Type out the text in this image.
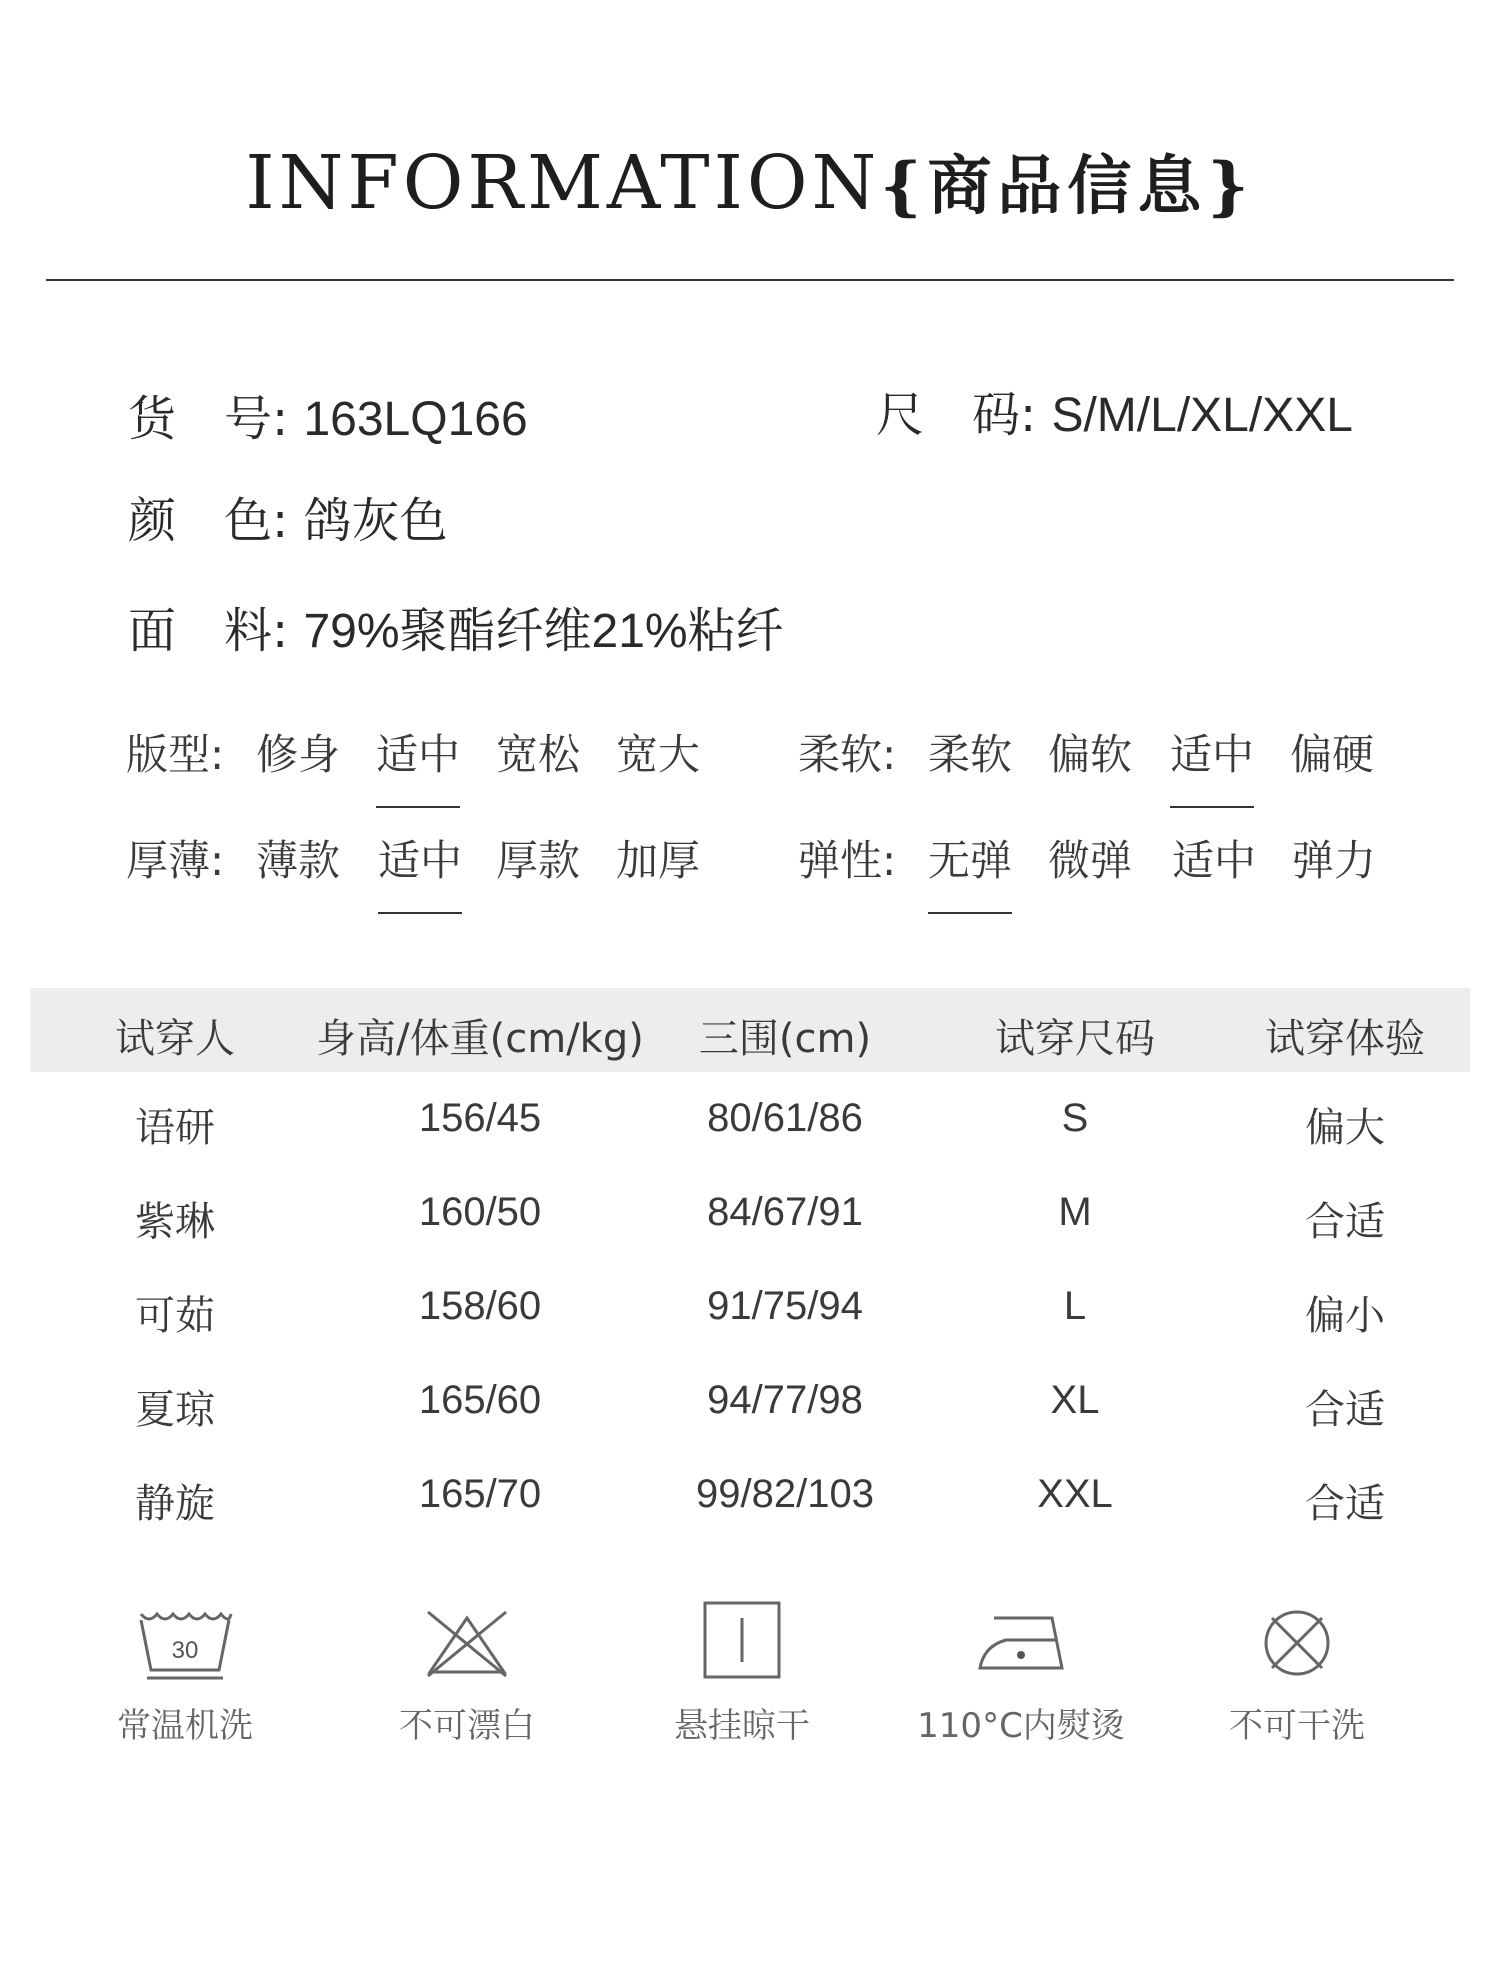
INFORMATION{商品信息}
货　号: 163LQ166	尺　码: S/M/L/XL/XXL
颜　色: 鸽灰色
面　料: 79%聚酯纤维21%粘纤
版型: 修身 适中 宽松 宽大 柔软: 柔软 偏软 适中 偏硬
厚薄: 薄款 适中 厚款 加厚 弹性: 无弹 微弹 适中 弹力
试穿人	身高/体重(cm/kg)	三围(cm)	试穿尺码	试穿体验
语研	156/45	80/61/86	S	偏大
紫琳	160/50	84/67/91	M	合适
可茹	158/60	91/75/94	L	偏小
夏琼	165/60	94/77/98	XL	合适
静旋	165/70	99/82/103	XXL	合适
30
常温机洗	不可漂白	悬挂晾干	110°C内熨烫	不可干洗
